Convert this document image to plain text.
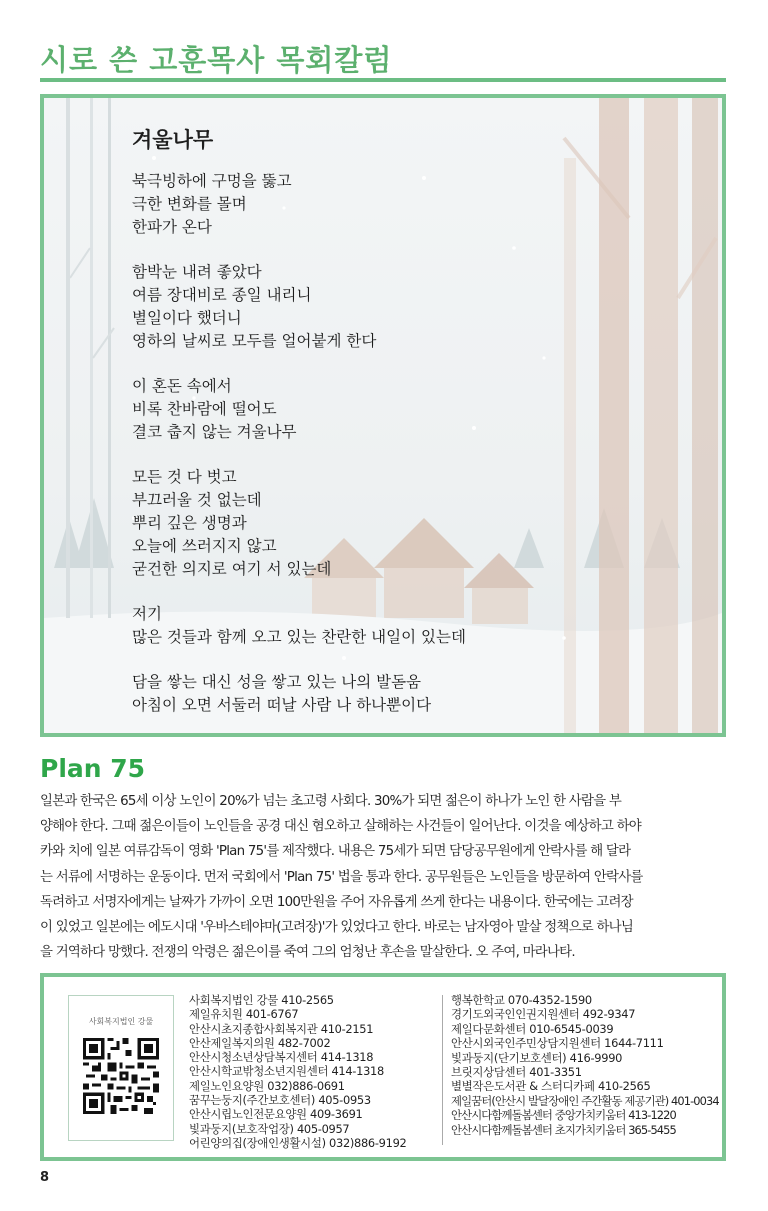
시로 쓴 고훈목사 목회칼럼
겨울나무
북극빙하에 구멍을 뚫고
극한 변화를 몰며
한파가 온다
함박눈 내려 좋았다
여름 장대비로 종일 내리니
별일이다 했더니
영하의 날씨로 모두를 얼어붙게 한다
이 혼돈 속에서
비록 찬바람에 떨어도
결코 춥지 않는 겨울나무
모든 것 다 벗고
부끄러울 것 없는데
뿌리 깊은 생명과
오늘에 쓰러지지 않고
굳건한 의지로 여기 서 있는데
저기
많은 것들과 함께 오고 있는 찬란한 내일이 있는데
담을 쌓는 대신 성을 쌓고 있는 나의 발돋움
아침이 오면 서둘러 떠날 사람 나 하나뿐이다
Plan 75
일본과 한국은 65세 이상 노인이 20%가 넘는 초고령 사회다. 30%가 되면 젊은이 하나가 노인 한 사람을 부
양해야 한다. 그때 젊은이들이 노인들을 공경 대신 혐오하고 살해하는 사건들이 일어난다. 이것을 예상하고 하야
카와 치에 일본 여류감독이 영화 'Plan 75'를 제작했다. 내용은 75세가 되면 담당공무원에게 안락사를 해 달라
는 서류에 서명하는 운동이다. 먼저 국회에서 'Plan 75' 법을 통과 한다. 공무원들은 노인들을 방문하여 안락사를
독려하고 서명자에게는 날짜가 가까이 오면 100만원을 주어 자유롭게 쓰게 한다는 내용이다. 한국에는 고려장
이 있었고 일본에는 에도시대 '우바스테야마(고려장)'가 있었다고 한다. 바로는 남자영아 말살 정책으로 하나님
을 거역하다 망했다. 전쟁의 악령은 젊은이를 죽여 그의 엄청난 후손을 말살한다. 오 주여, 마라나타.
사회복지법인 강물
사회복지법인 강물 410-2565
제일유치원 401-6767
안산시초지종합사회복지관 410-2151
안산제일복지의원 482-7002
안산시청소년상담복지센터 414-1318
안산시학교밖청소년지원센터 414-1318
제일노인요양원 032)886-0691
꿈꾸는둥지(주간보호센터) 405-0953
안산시립노인전문요양원 409-3691
빛과둥지(보호작업장) 405-0957
어린양의집(장애인생활시설) 032)886-9192
행복한학교 070-4352-1590
경기도외국인인권지원센터 492-9347
제일다문화센터 010-6545-0039
안산시외국인주민상담지원센터 1644-7111
빛과둥지(단기보호센터) 416-9990
브릿지상담센터 401-3351
별별작은도서관 & 스터디카페 410-2565
제일꿈터(안산시 발달장애인 주간활동 제공기관) 401-0034
안산시다함께돌봄센터 중앙가치키움터 413-1220
안산시다함께돌봄센터 초지가치키움터 365-5455
8
